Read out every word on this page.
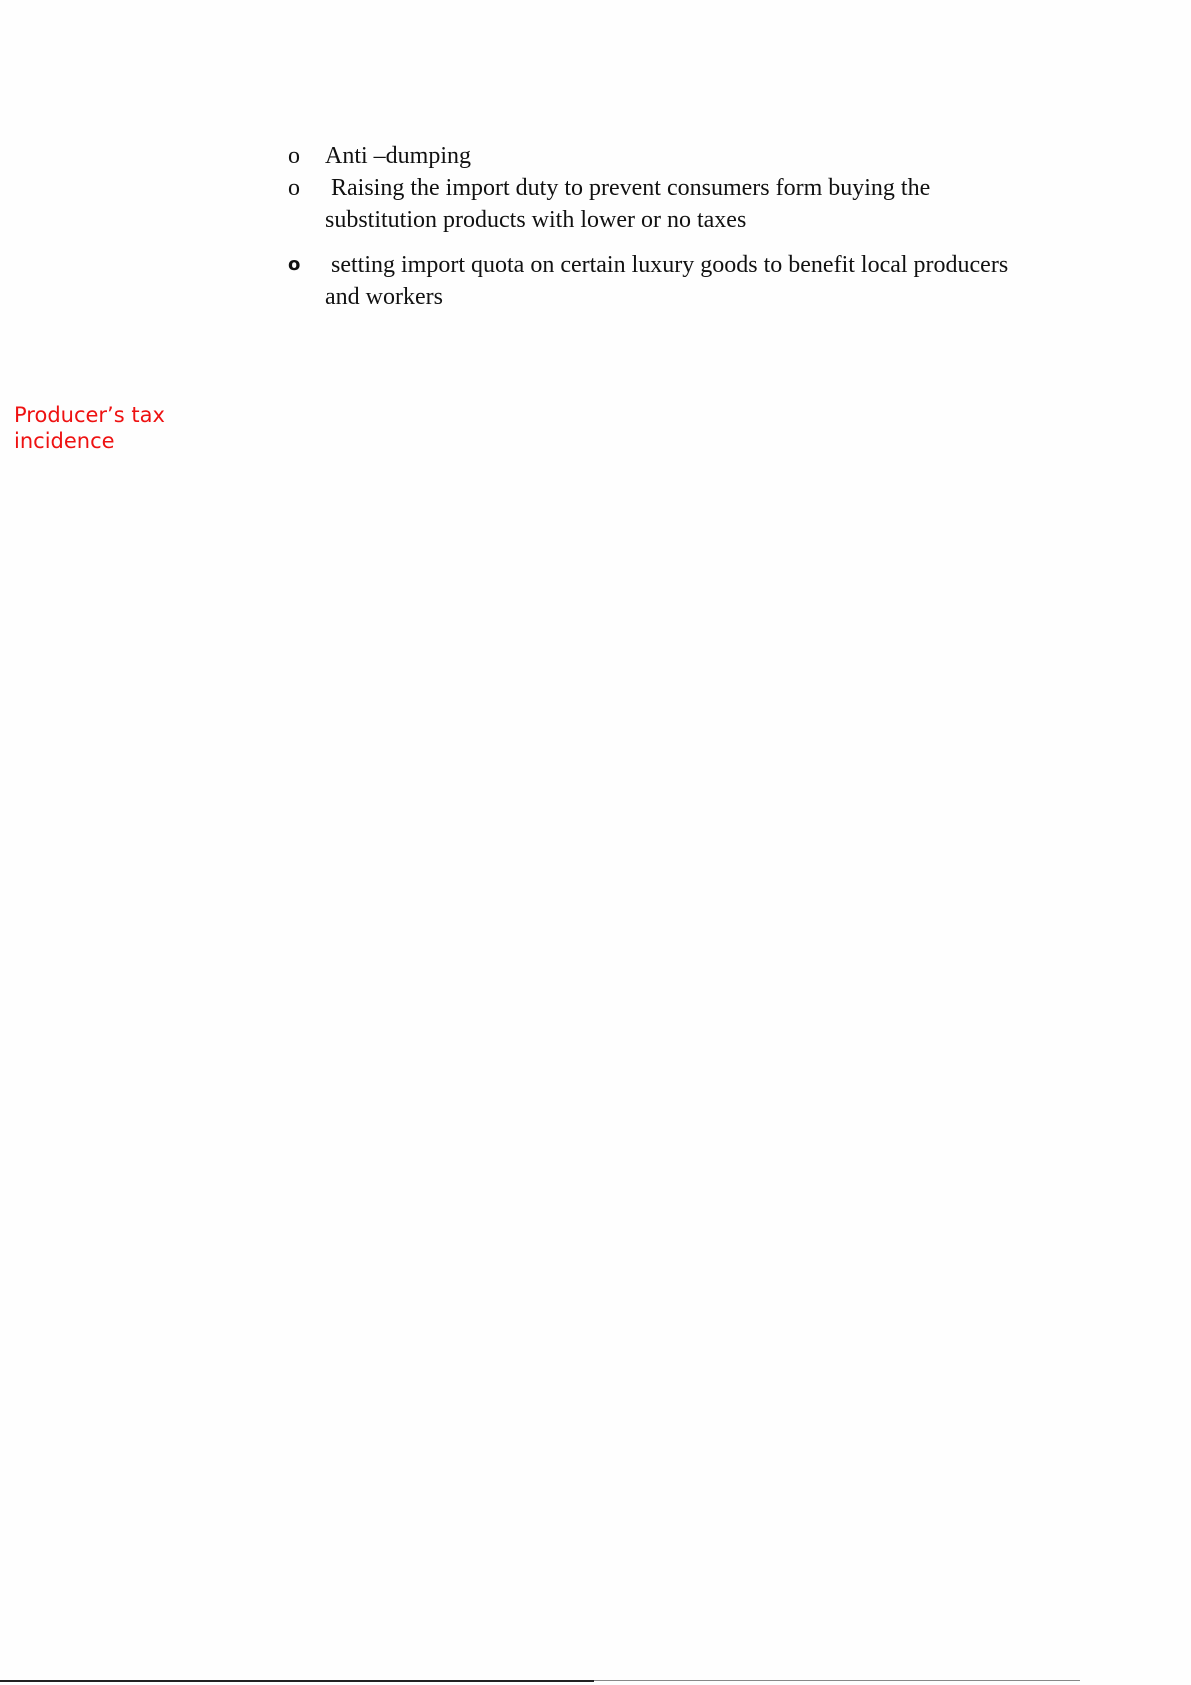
o	Anti –dumping
o	Raising the import duty to prevent consumers form buying the substitution products with lower or no taxes
o	setting import quota on certain luxury goods to benefit local producers and workers
Producer’s tax incidence
